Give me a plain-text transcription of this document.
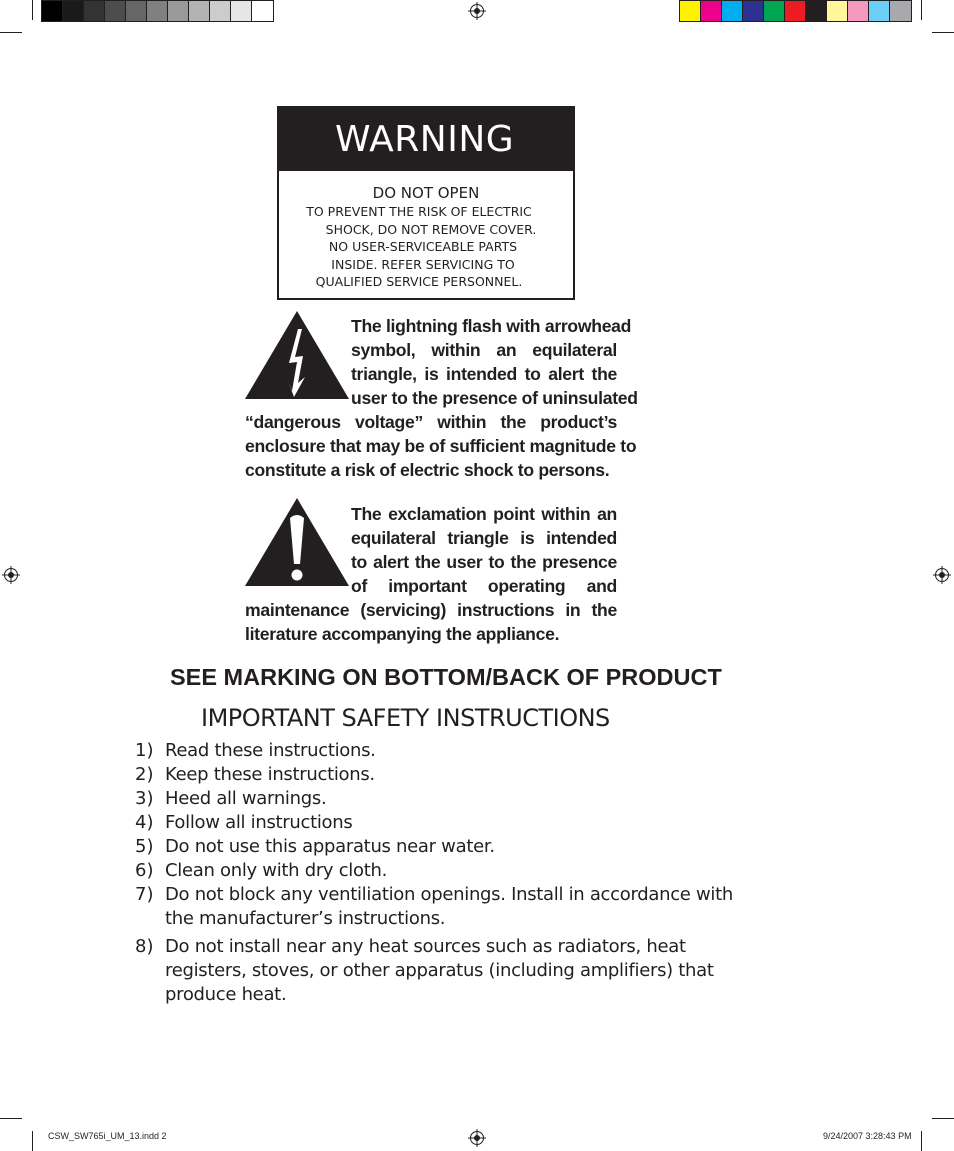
WARNING
DO NOT OPEN
TO PREVENT THE RISK OF ELECTRIC
SHOCK, DO NOT REMOVE COVER.
NO USER-SERVICEABLE PARTS
INSIDE. REFER SERVICING TO
QUALIFIED SERVICE PERSONNEL.
The lightning flash with arrowhead
symbol, within an equilateral
triangle, is intended to alert the
user to the presence of uninsulated
“dangerous voltage” within the product’s
enclosure that may be of sufficient magnitude to
constitute a risk of electric shock to persons.
The exclamation point within an
equilateral triangle is intended
to alert the user to the presence
of important operating and
maintenance (servicing) instructions in the
literature accompanying the appliance.
SEE MARKING ON BOTTOM/BACK OF PRODUCT
IMPORTANT SAFETY INSTRUCTIONS
1) Read these instructions.
2) Keep these instructions.
3) Heed all warnings.
4) Follow all instructions
5) Do not use this apparatus near water.
6) Clean only with dry cloth.
7) Do not block any ventiliation openings. Install in accordance with
the manufacturer’s instructions.
8) Do not install near any heat sources such as radiators, heat
registers, stoves, or other apparatus (including amplifiers) that
produce heat.
CSW_SW765i_UM_13.indd 2	9/24/2007 3:28:43 PM
